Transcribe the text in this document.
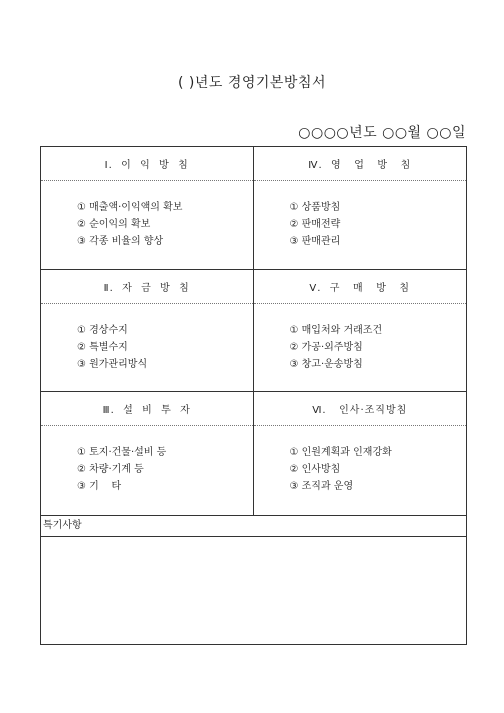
( )년도 경영기본방침서
○○○○년도 ○○월 ○○일
Ⅰ.  이  익  방  침
① 매출액·이익액의 확보
② 순이익의 확보
③ 각종 비율의 향상
Ⅳ.  영   업   방   침
① 상품방침
② 판매전략
③ 판매관리
Ⅱ.  자  금  방  침
① 경상수지
② 특별수지
③ 원가관리방식
Ⅴ.  구   매   방   침
① 매입처와 거래조건
② 가공·외주방침
③ 창고·운송방침
Ⅲ.  설  비  투  자
① 토지·건물·설비 등
② 차량·기계 등
③ 기    타
Ⅵ.   인사·조직방침
① 인원계획과 인재강화
② 인사방침
③ 조직과 운영
특기사항
